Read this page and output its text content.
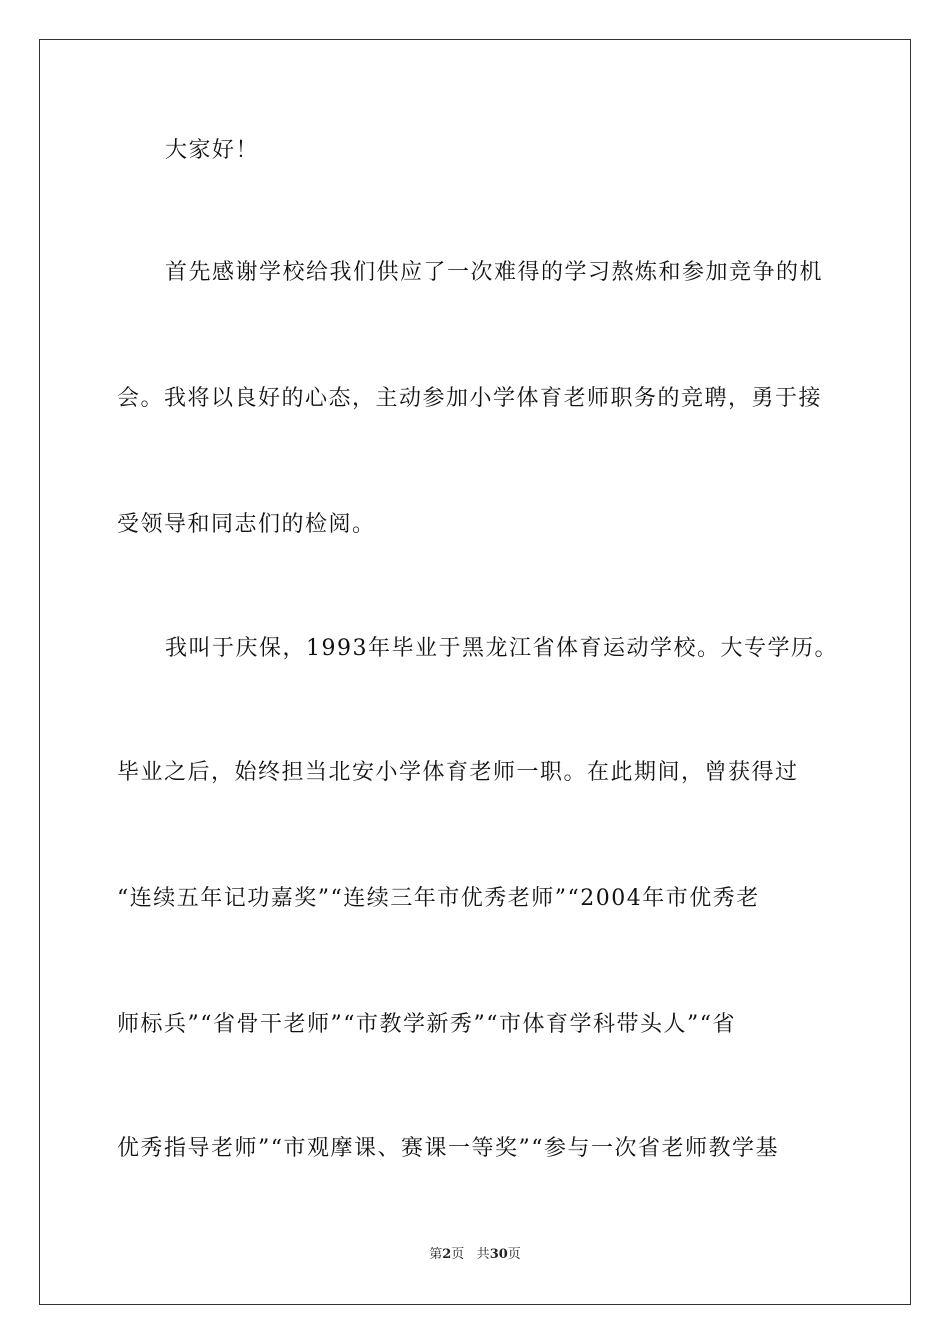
大家好！
首先感谢学校给我们供应了一次难得的学习熬炼和参加竞争的机
会。我将以良好的心态，主动参加小学体育老师职务的竞聘，勇于接
受领导和同志们的检阅。
我叫于庆保，1993年毕业于黑龙江省体育运动学校。大专学历。
毕业之后，始终担当北安小学体育老师一职。在此期间，曾获得过
“连续五年记功嘉奖”“连续三年市优秀老师”“2004年市优秀老
师标兵”“省骨干老师”“市教学新秀”“市体育学科带头人”“省
优秀指导老师”“市观摩课、赛课一等奖”“参与一次省老师教学基
第2页 共30页
